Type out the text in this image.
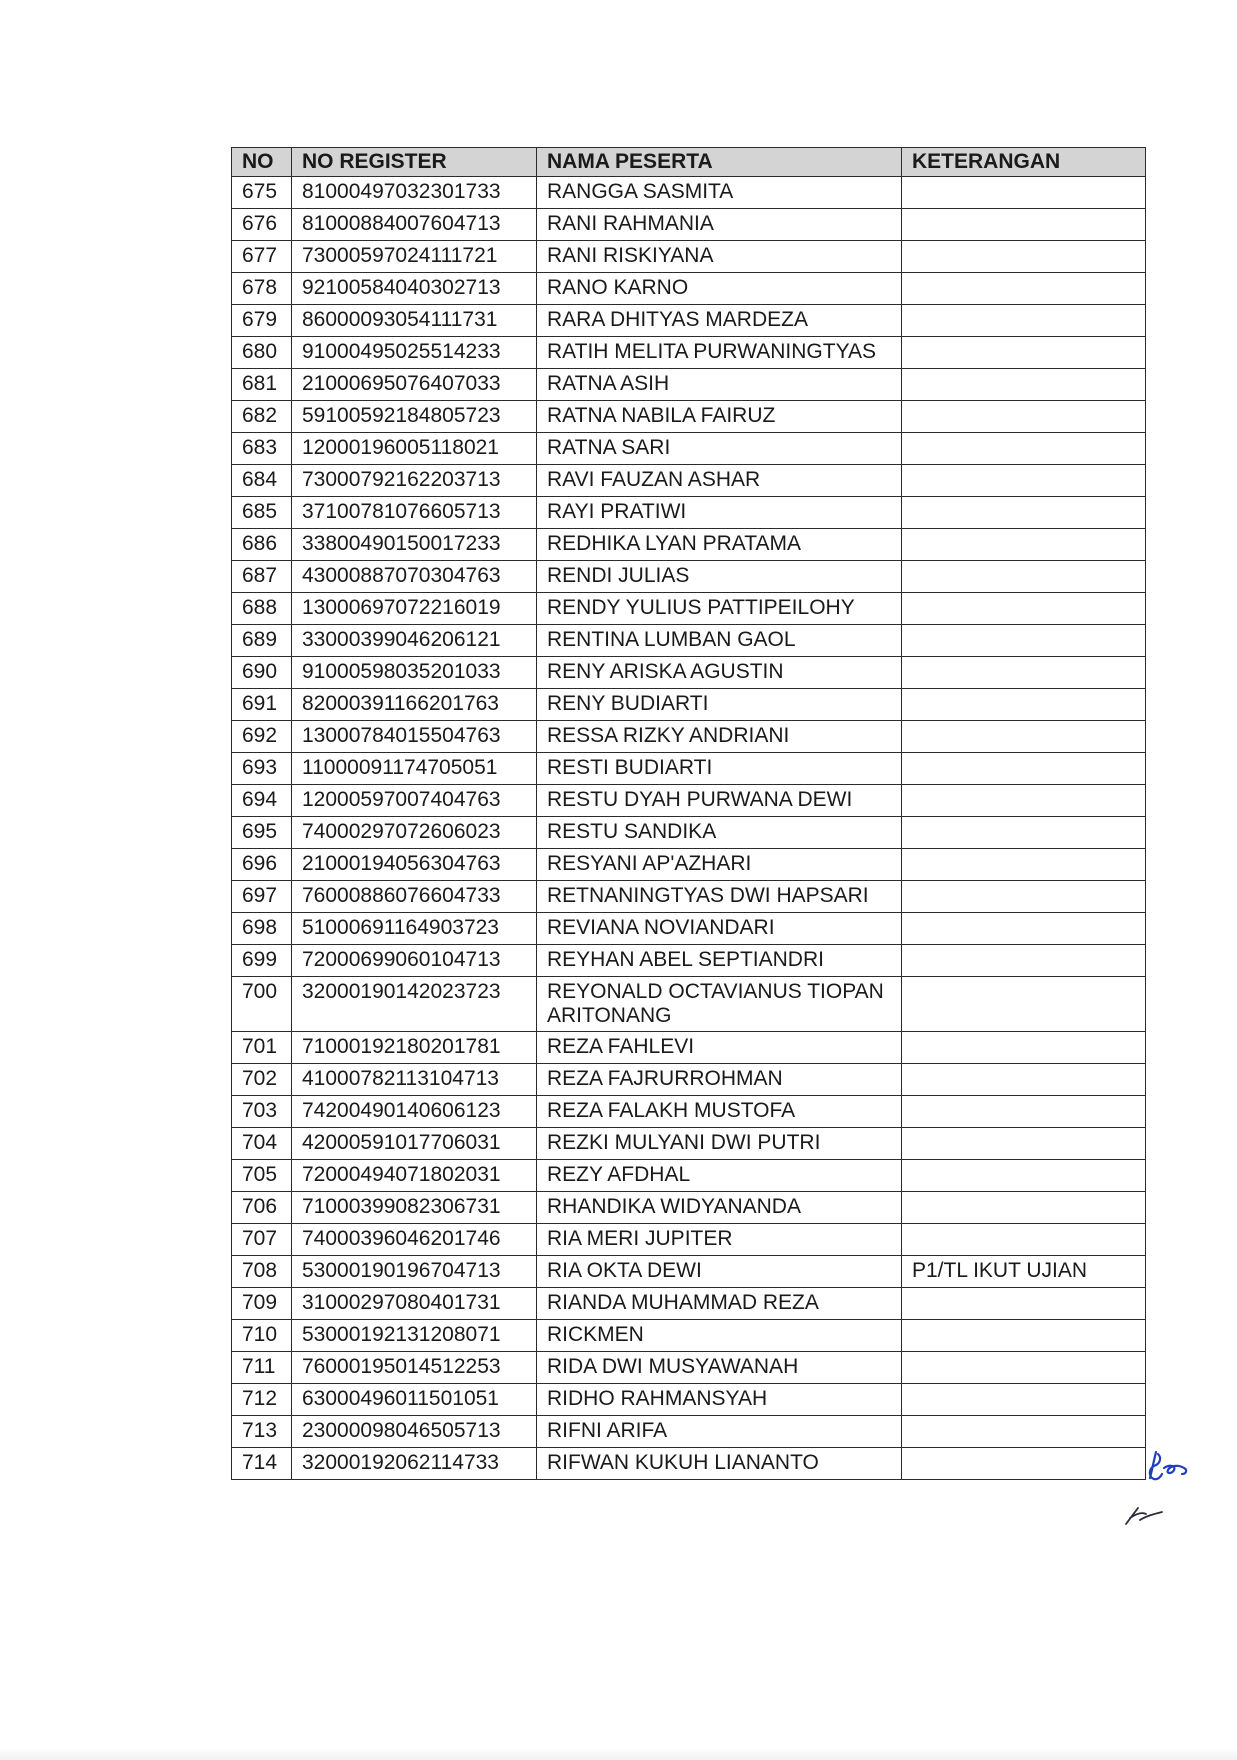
NO	NO REGISTER	NAMA PESERTA	KETERANGAN
675	81000497032301733	RANGGA SASMITA	
676	81000884007604713	RANI RAHMANIA	
677	73000597024111721	RANI RISKIYANA	
678	92100584040302713	RANO KARNO	
679	86000093054111731	RARA DHITYAS MARDEZA	
680	91000495025514233	RATIH MELITA PURWANINGTYAS	
681	21000695076407033	RATNA ASIH	
682	59100592184805723	RATNA NABILA FAIRUZ	
683	12000196005118021	RATNA SARI	
684	73000792162203713	RAVI FAUZAN ASHAR	
685	37100781076605713	RAYI PRATIWI	
686	33800490150017233	REDHIKA LYAN PRATAMA	
687	43000887070304763	RENDI JULIAS	
688	13000697072216019	RENDY YULIUS PATTIPEILOHY	
689	33000399046206121	RENTINA LUMBAN GAOL	
690	91000598035201033	RENY ARISKA AGUSTIN	
691	82000391166201763	RENY BUDIARTI	
692	13000784015504763	RESSA RIZKY ANDRIANI	
693	11000091174705051	RESTI BUDIARTI	
694	12000597007404763	RESTU DYAH PURWANA DEWI	
695	74000297072606023	RESTU SANDIKA	
696	21000194056304763	RESYANI AP'AZHARI	
697	76000886076604733	RETNANINGTYAS DWI HAPSARI	
698	51000691164903723	REVIANA NOVIANDARI	
699	72000699060104713	REYHAN ABEL SEPTIANDRI	
700	32000190142023723	REYONALD OCTAVIANUS TIOPAN ARITONANG	
701	71000192180201781	REZA FAHLEVI	
702	41000782113104713	REZA FAJRURROHMAN	
703	74200490140606123	REZA FALAKH MUSTOFA	
704	42000591017706031	REZKI MULYANI DWI PUTRI	
705	72000494071802031	REZY AFDHAL	
706	71000399082306731	RHANDIKA WIDYANANDA	
707	74000396046201746	RIA MERI JUPITER	
708	53000190196704713	RIA OKTA DEWI	P1/TL IKUT UJIAN
709	31000297080401731	RIANDA MUHAMMAD REZA	
710	53000192131208071	RICKMEN	
711	76000195014512253	RIDA DWI MUSYAWANAH	
712	63000496011501051	RIDHO RAHMANSYAH	
713	23000098046505713	RIFNI ARIFA	
714	32000192062114733	RIFWAN KUKUH LIANANTO	
